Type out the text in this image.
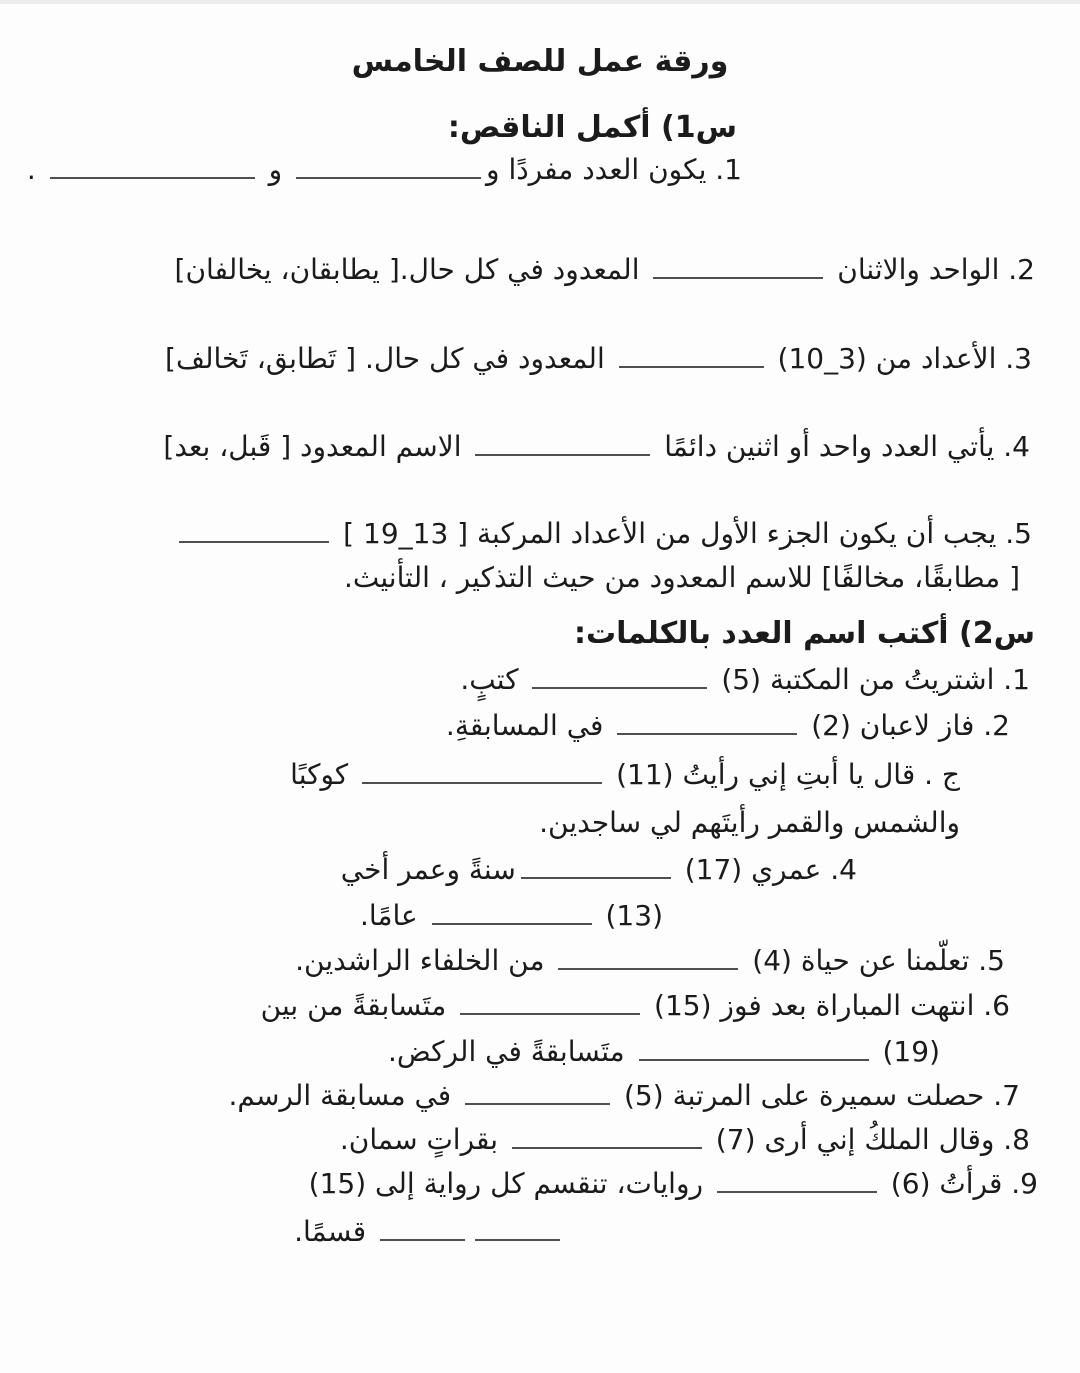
ورقة عمل للصف الخامس
س1) أكمل الناقص:
1. يكون العدد مفردًا و و  .
2. الواحد والاثنان  المعدود في كل حال.[ يطابقان، يخالفان]
3. الأعداد من (3_10)  المعدود في كل حال. [ تَطابق، تَخالف]
4. يأتي العدد واحد أو اثنين دائمًا  الاسم المعدود [ قَبل، بعد]
5. يجب أن يكون الجزء الأول من الأعداد المركبة [ 13_19 ]
[ مطابقًا، مخالفًا] للاسم المعدود من حيث التذكير ، التأنيث.
س2) أكتب اسم العدد بالكلمات:
1. اشتريتُ من المكتبة (5)  كتبٍ.
2. فاز لاعبان (2)  في المسابقةِ.
ج . قال يا أبتِ إني رأيتُ (11)  كوكبًا
والشمس والقمر رأيتَهم لي ساجدين.
4. عمري (17) سنةً وعمر أخي
(13)  عامًا.
5. تعلّمنا عن حياة (4)  من الخلفاء الراشدين.
6. انتهت المباراة بعد فوز (15)  متَسابقةً من بين
(19)  متَسابقةً في الركض.
7. حصلت سميرة على المرتبة (5)  في مسابقة الرسم.
8. وقال الملكُ إني أرى (7)  بقراتٍ سمان.
9. قرأتُ (6)  روايات، تنقسم كل رواية إلى (15)
قسمًا.
